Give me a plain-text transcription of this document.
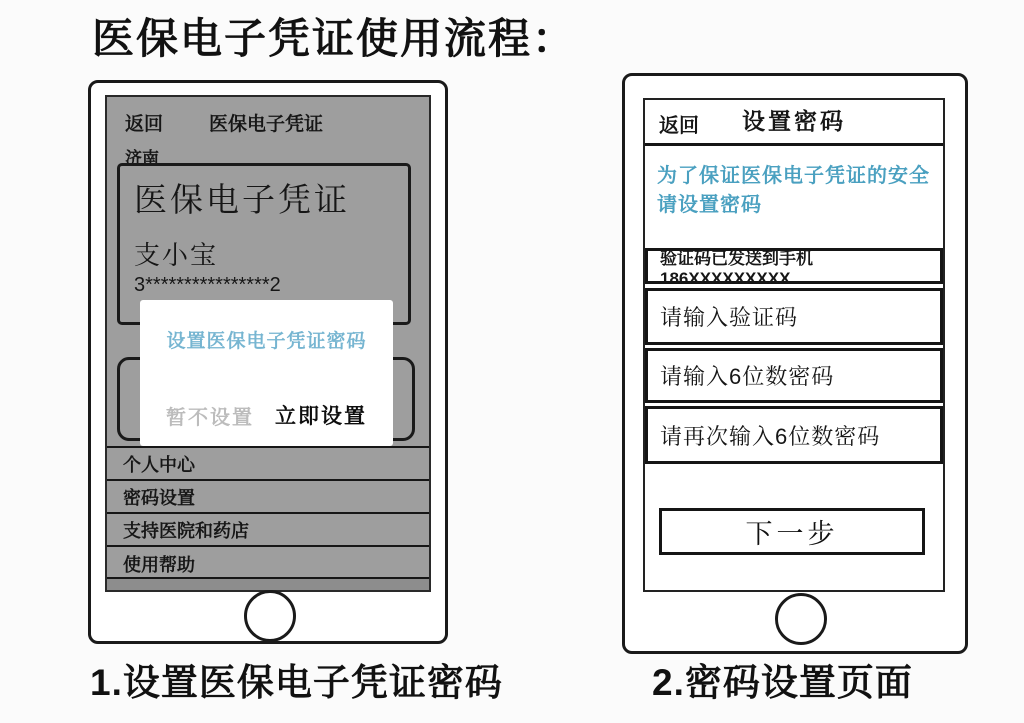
医保电子凭证使用流程：
返回 医保电子凭证
济南
医保电子凭证
支小宝
3****************2
个人中心
密码设置
支持医院和药店
使用帮助
设置医保电子凭证密码
暂不设置 立即设置
返回	设置密码
为了保证医保电子凭证的安全
请设置密码
验证码已发送到手机 186XXXXXXXXX
请输入验证码
请输入6位数密码
请再次输入6位数密码
下一步
1.设置医保电子凭证密码	2.密码设置页面
